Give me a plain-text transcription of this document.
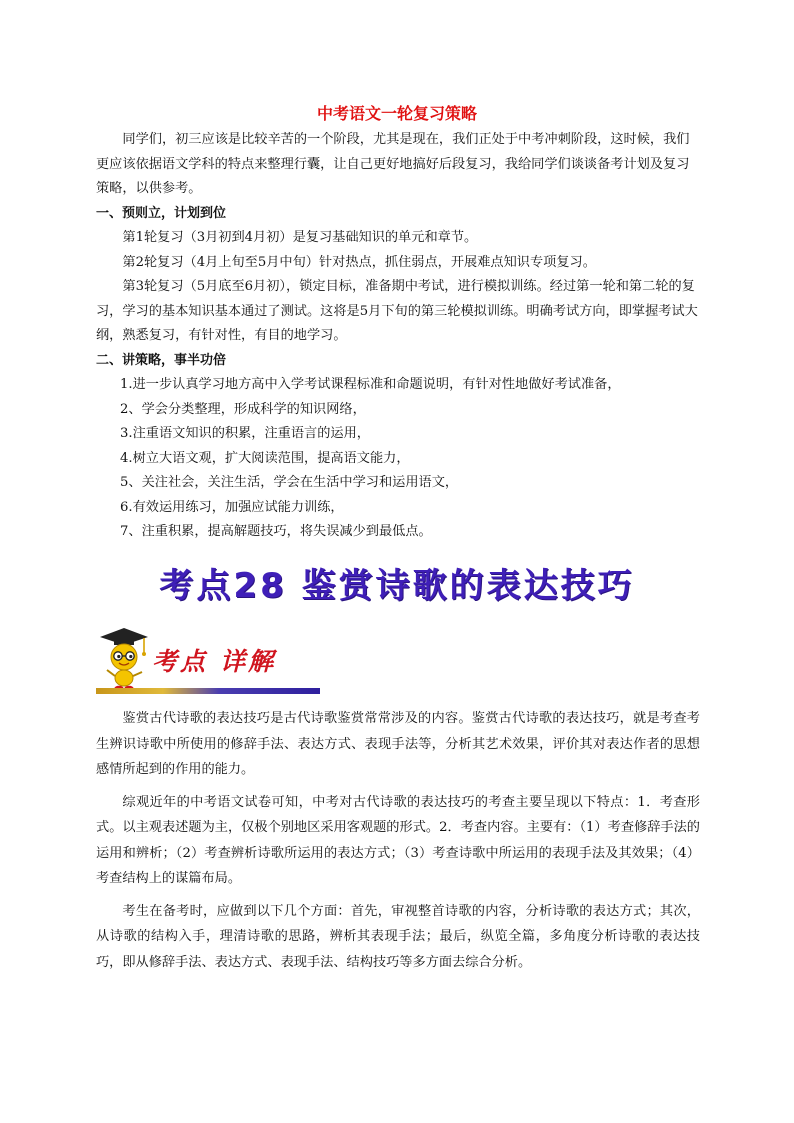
中考语文一轮复习策略

同学们，初三应该是比较辛苦的一个阶段，尤其是现在，我们正处于中考冲刺阶段，这时候，我们更应该依据语文学科的特点来整理行囊，让自己更好地搞好后段复习，我给同学们谈谈备考计划及复习策略，以供参考。

一、预则立，计划到位

第1轮复习（3月初到4月初）是复习基础知识的单元和章节。

第2轮复习（4月上旬至5月中旬）针对热点，抓住弱点，开展难点知识专项复习。

第3轮复习（5月底至6月初），锁定目标，准备期中考试，进行模拟训练。经过第一轮和第二轮的复习，学习的基本知识基本通过了测试。这将是5月下旬的第三轮模拟训练。明确考试方向，即掌握考试大纲，熟悉复习，有针对性，有目的地学习。

二、讲策略，事半功倍

1.进一步认真学习地方高中入学考试课程标准和命题说明，有针对性地做好考试准备，

2、学会分类整理，形成科学的知识网络，

3.注重语文知识的积累，注重语言的运用，

4.树立大语文观，扩大阅读范围，提高语文能力，

5、关注社会，关注生活，学会在生活中学习和运用语文，

6.有效运用练习，加强应试能力训练，

7、注重积累，提高解题技巧，将失误减少到最低点。

考点28 鉴赏诗歌的表达技巧
考点 详解

鉴赏古代诗歌的表达技巧是古代诗歌鉴赏常常涉及的内容。鉴赏古代诗歌的表达技巧，就是考查考生辨识诗歌中所使用的修辞手法、表达方式、表现手法等，分析其艺术效果，评价其对表达作者的思想感情所起到的作用的能力。

综观近年的中考语文试卷可知，中考对古代诗歌的表达技巧的考查主要呈现以下特点：1．考查形式。以主观表述题为主，仅极个别地区采用客观题的形式。2．考查内容。主要有：（1）考查修辞手法的运用和辨析；（2）考查辨析诗歌所运用的表达方式；（3）考查诗歌中所运用的表现手法及其效果；（4）考查结构上的谋篇布局。

考生在备考时，应做到以下几个方面：首先，审视整首诗歌的内容，分析诗歌的表达方式；其次，从诗歌的结构入手，理清诗歌的思路，辨析其表现手法；最后，纵览全篇，多角度分析诗歌的表达技巧，即从修辞手法、表达方式、表现手法、结构技巧等多方面去综合分析。
